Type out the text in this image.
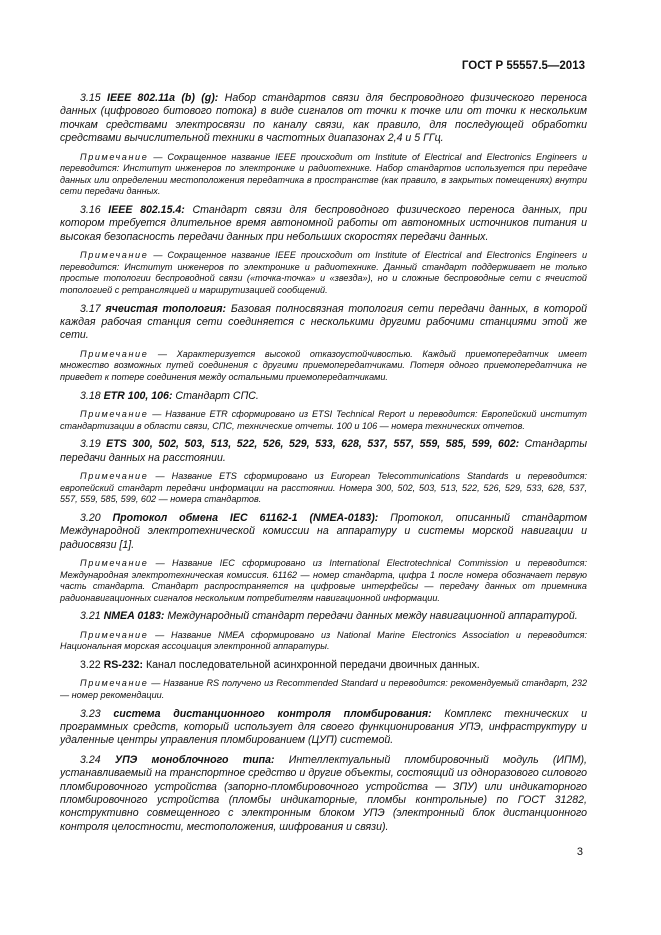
ГОСТ Р 55557.5—2013

3.15 IEEE 802.11a (b) (g): Набор стандартов связи для беспроводного физического переноса данных (цифрового битового потока) в виде сигналов от точки к точке или от точки к нескольким точкам средствами электросвязи по каналу связи, как правило, для последующей обработки средствами вычислительной техники в частотных диапазонах 2,4 и 5 ГГц.

Примечание — Сокращенное название IEEE происходит от Institute of Electrical and Electronics Engineers и переводится: Институт инженеров по электронике и радиотехнике. Набор стандартов используется при передаче данных или определении местоположения передатчика в пространстве (как правило, в закрытых помещениях) внутри сети передачи данных.

3.16 IEEE 802.15.4: Стандарт связи для беспроводного физического переноса данных, при котором требуется длительное время автономной работы от автономных источников питания и высокая безопасность передачи данных при небольших скоростях передачи данных.

Примечание — Сокращенное название IEEE происходит от Institute of Electrical and Electronics Engineers и переводится: Институт инженеров по электронике и радиотехнике. Данный стандарт поддерживает не только простые топологии беспроводной связи («точка-точка» и «звезда»), но и сложные беспроводные сети с ячеистой топологией с ретрансляцией и маршрутизацией сообщений.

3.17 ячеистая топология: Базовая полносвязная топология сети передачи данных, в которой каждая рабочая станция сети соединяется с несколькими другими рабочими станциями этой же сети.

Примечание — Характеризуется высокой отказоустойчивостью. Каждый приемопередатчик имеет множество возможных путей соединения с другими приемопередатчиками. Потеря одного приемопередатчика не приведет к потере соединения между остальными приемопередатчиками.

3.18 ETR 100, 106: Стандарт СПС.

Примечание — Название ETR сформировано из ETSI Technical Report и переводится: Европейский институт стандартизации в области связи, СПС, технические отчеты. 100 и 106 — номера технических отчетов.

3.19 ETS 300, 502, 503, 513, 522, 526, 529, 533, 628, 537, 557, 559, 585, 599, 602: Стандарты передачи данных на расстоянии.

Примечание — Название ETS сформировано из European Telecommunications Standards и переводится: европейский стандарт передачи информации на расстоянии. Номера 300, 502, 503, 513, 522, 526, 529, 533, 628, 537, 557, 559, 585, 599, 602 — номера стандартов.

3.20 Протокол обмена IEC 61162-1 (NMEA-0183): Протокол, описанный стандартом Международной электротехнической комиссии на аппаратуру и системы морской навигации и радиосвязи [1].

Примечание — Название IEC сформировано из International Electrotechnical Commission и переводится: Международная электротехническая комиссия. 61162 — номер стандарта, цифра 1 после номера обозначает первую часть стандарта. Стандарт распространяется на цифровые интерфейсы — передачу данных от приемника радионавигационных сигналов нескольким потребителям навигационной информации.

3.21 NMEA 0183: Международный стандарт передачи данных между навигационной аппаратурой.

Примечание — Название NMEA сформировано из National Marine Electronics Association и переводится: Национальная морская ассоциация электронной аппаратуры.

3.22 RS-232: Канал последовательной асинхронной передачи двоичных данных.

Примечание — Название RS получено из Recommended Standard и переводится: рекомендуемый стандарт, 232 — номер рекомендации.

3.23 система дистанционного контроля пломбирования: Комплекс технических и программных средств, который использует для своего функционирования УПЭ, инфраструктуру и удаленные центры управления пломбированием (ЦУП) системой.

3.24 УПЭ моноблочного типа: Интеллектуальный пломбировочный модуль (ИПМ), устанавливаемый на транспортное средство и другие объекты, состоящий из одноразового силового пломбировочного устройства (запорно-пломбировочного устройства — ЗПУ) или индикаторного пломбировочного устройства (пломбы индикаторные, пломбы контрольные) по ГОСТ 31282, конструктивно совмещенного с электронным блоком УПЭ (электронный блок дистанционного контроля целостности, местоположения, шифрования и связи).

3
